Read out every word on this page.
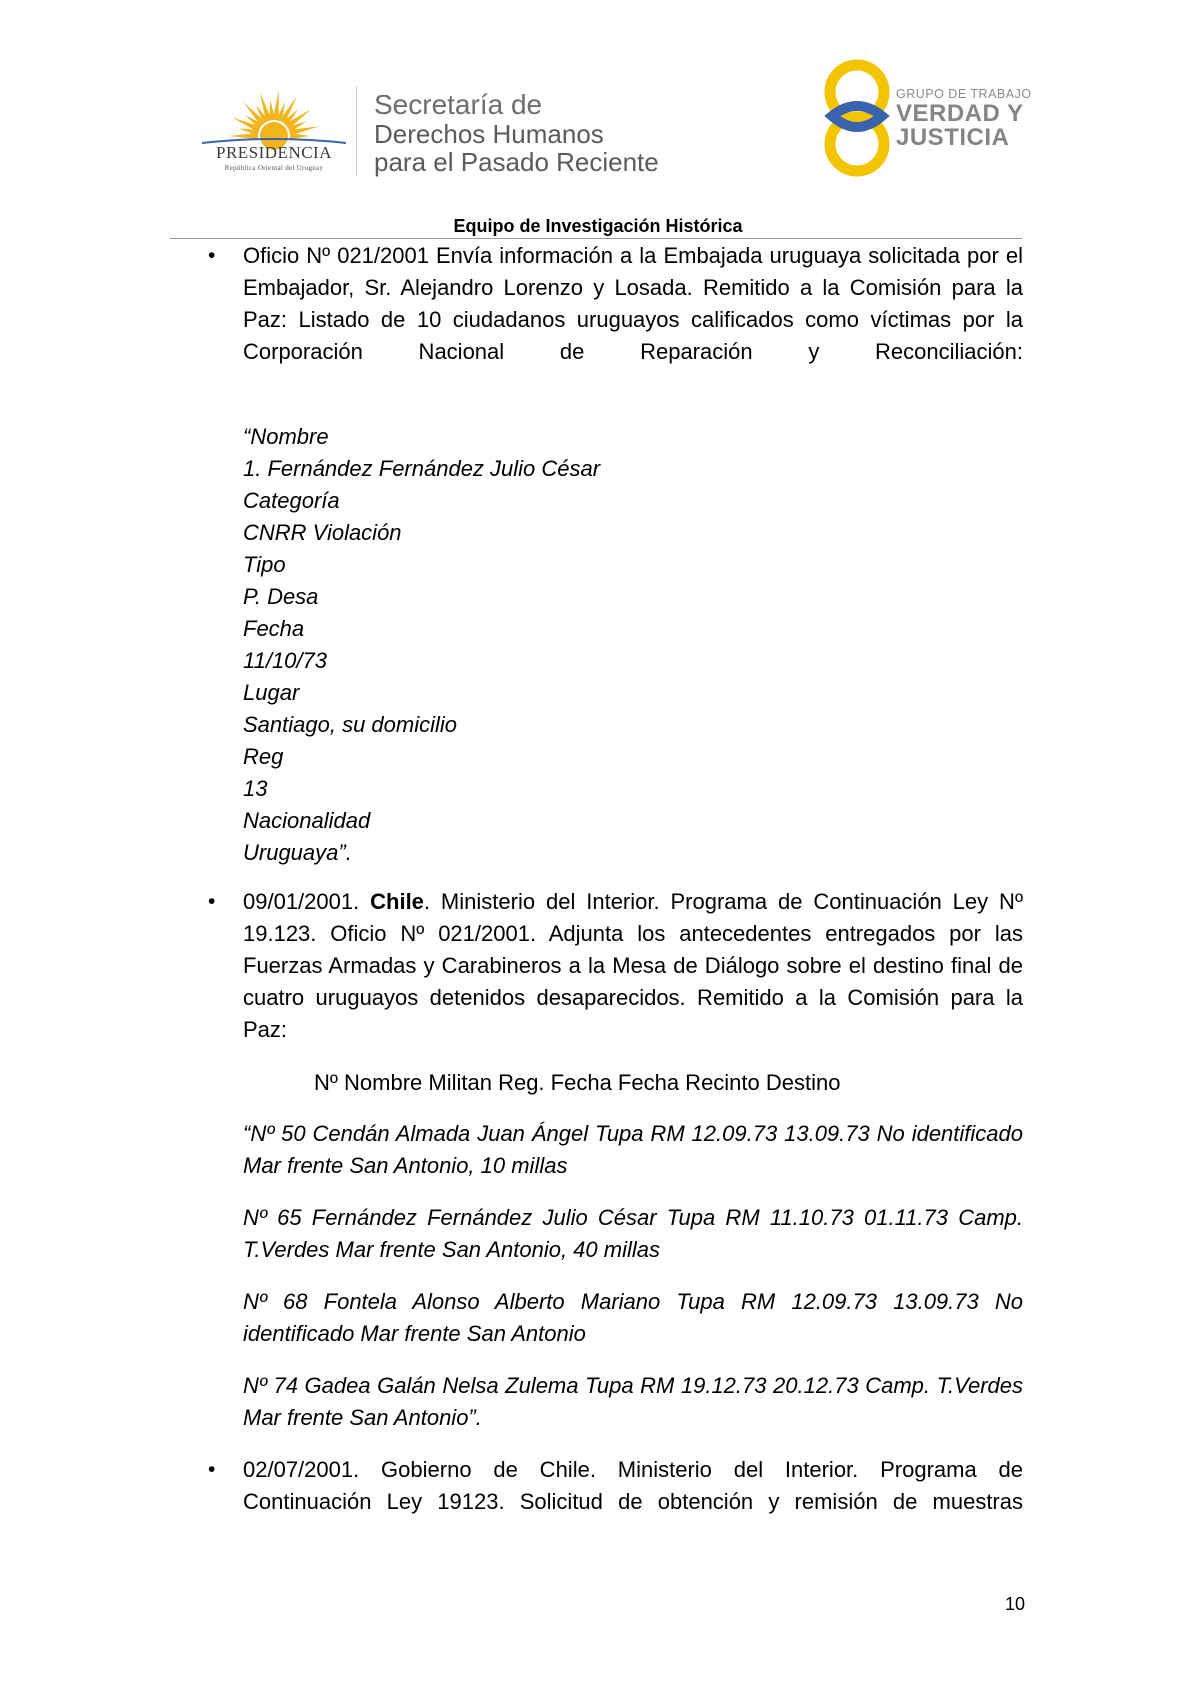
PRESIDENCIA
República Oriental del Uruguay
Secretaría de
Derechos Humanos
para el Pasado Reciente
GRUPO DE TRABAJO
VERDAD Y
JUSTICIA
Equipo de Investigación Histórica
• Oficio Nº 021/2001 Envía información a la Embajada uruguaya solicitada por el Embajador, Sr. Alejandro Lorenzo y Losada. Remitido a la Comisión para la Paz: Listado de 10 ciudadanos uruguayos calificados como víctimas por la Corporación Nacional de Reparación y Reconciliación:
“Nombre
1. Fernández Fernández Julio César
Categoría
CNRR Violación
Tipo
P. Desa
Fecha
11/10/73
Lugar
Santiago, su domicilio
Reg
13
Nacionalidad
Uruguaya”.
• 09/01/2001. Chile. Ministerio del Interior. Programa de Continuación Ley Nº 19.123. Oficio Nº 021/2001. Adjunta los antecedentes entregados por las Fuerzas Armadas y Carabineros a la Mesa de Diálogo sobre el destino final de cuatro uruguayos detenidos desaparecidos. Remitido a la Comisión para la Paz:
Nº Nombre Militan Reg. Fecha Fecha Recinto Destino
“Nº 50 Cendán Almada Juan Ángel Tupa RM 12.09.73 13.09.73 No identificado Mar frente San Antonio, 10 millas
Nº 65 Fernández Fernández Julio César Tupa RM 11.10.73 01.11.73 Camp. T.Verdes Mar frente San Antonio, 40 millas
Nº 68 Fontela Alonso Alberto Mariano Tupa RM 12.09.73 13.09.73 No identificado Mar frente San Antonio
Nº 74 Gadea Galán Nelsa Zulema Tupa RM 19.12.73 20.12.73 Camp. T.Verdes Mar frente San Antonio”.
• 02/07/2001. Gobierno de Chile. Ministerio del Interior. Programa de Continuación Ley 19123. Solicitud de obtención y remisión de muestras
10
